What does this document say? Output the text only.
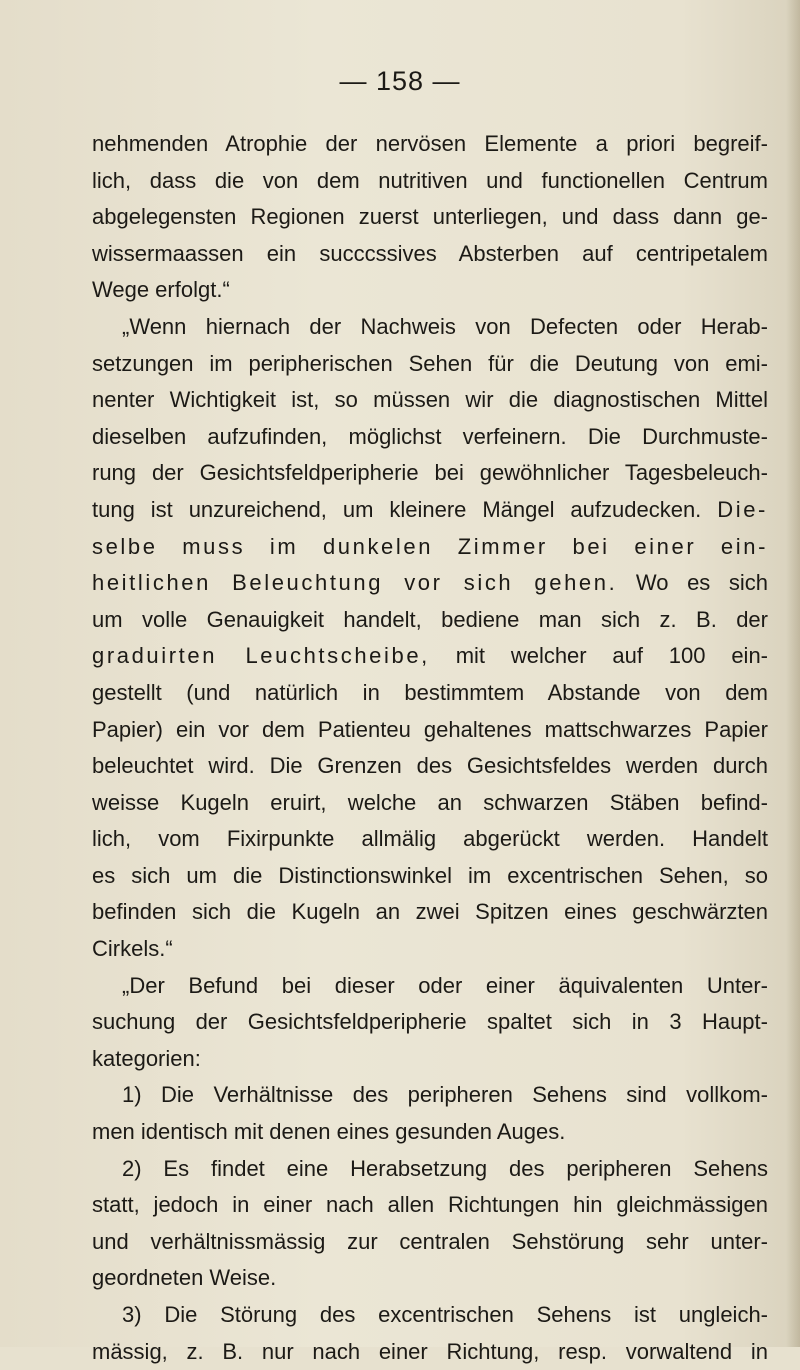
— 158 —
nehmenden Atrophie der nervösen Elemente a priori begreif-
lich, dass die von dem nutritiven und functionellen Centrum
abgelegensten Regionen zuerst unterliegen, und dass dann ge-
wissermaassen ein succcssives Absterben auf centripetalem
Wege erfolgt.“
„Wenn hiernach der Nachweis von Defecten oder Herab-
setzungen im peripherischen Sehen für die Deutung von emi-
nenter Wichtigkeit ist, so müssen wir die diagnostischen Mittel
dieselben aufzufinden, möglichst verfeinern. Die Durchmuste-
rung der Gesichtsfeldperipherie bei gewöhnlicher Tagesbeleuch-
tung ist unzureichend, um kleinere Mängel aufzudecken. Die-
selbe muss im dunkelen Zimmer bei einer ein-
heitlichen Beleuchtung vor sich gehen. Wo es sich
um volle Genauigkeit handelt, bediene man sich z. B. der
graduirten Leuchtscheibe, mit welcher auf 100 ein-
gestellt (und natürlich in bestimmtem Abstande von dem
Papier) ein vor dem Patienteu gehaltenes mattschwarzes Papier
beleuchtet wird. Die Grenzen des Gesichtsfeldes werden durch
weisse Kugeln eruirt, welche an schwarzen Stäben befind-
lich, vom Fixirpunkte allmälig abgerückt werden. Handelt
es sich um die Distinctionswinkel im excentrischen Sehen, so
befinden sich die Kugeln an zwei Spitzen eines geschwärzten
Cirkels.“
„Der Befund bei dieser oder einer äquivalenten Unter-
suchung der Gesichtsfeldperipherie spaltet sich in 3 Haupt-
kategorien:
1) Die Verhältnisse des peripheren Sehens sind vollkom-
men identisch mit denen eines gesunden Auges.
2) Es findet eine Herabsetzung des peripheren Sehens
statt, jedoch in einer nach allen Richtungen hin gleichmässigen
und verhältnissmässig zur centralen Sehstörung sehr unter-
geordneten Weise.
3) Die Störung des excentrischen Sehens ist ungleich-
mässig, z. B. nur nach einer Richtung, resp. vorwaltend in
